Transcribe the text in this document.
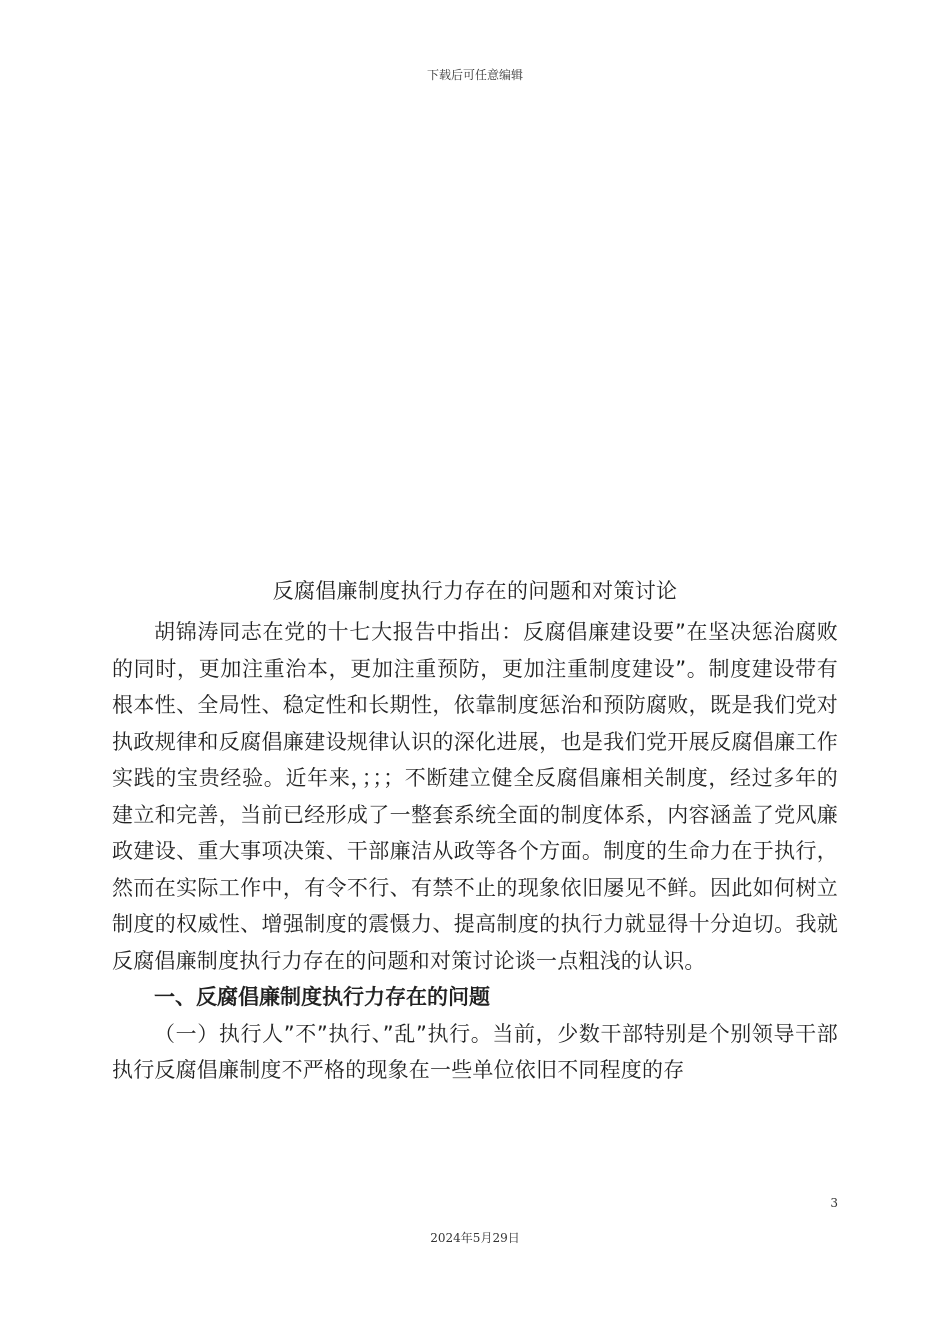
下载后可任意编辑
反腐倡廉制度执行力存在的问题和对策讨论

胡锦涛同志在党的十七大报告中指出：反腐倡廉建设要”在坚决惩治腐败的同时，更加注重治本，更加注重预防，更加注重制度建设”。制度建设带有根本性、全局性、稳定性和长期性，依靠制度惩治和预防腐败，既是我们党对执政规律和反腐倡廉建设规律认识的深化进展，也是我们党开展反腐倡廉工作实践的宝贵经验。近年来，；；；不断建立健全反腐倡廉相关制度，经过多年的建立和完善，当前已经形成了一整套系统全面的制度体系，内容涵盖了党风廉政建设、重大事项决策、干部廉洁从政等各个方面。制度的生命力在于执行，然而在实际工作中，有令不行、有禁不止的现象依旧屡见不鲜。因此如何树立制度的权威性、增强制度的震慑力、提高制度的执行力就显得十分迫切。我就反腐倡廉制度执行力存在的问题和对策讨论谈一点粗浅的认识。

一、反腐倡廉制度执行力存在的问题

（一）执行人”不”执行、”乱”执行。当前，少数干部特别是个别领导干部执行反腐倡廉制度不严格的现象在一些单位依旧不同程度的存

3
2024年5月29日
